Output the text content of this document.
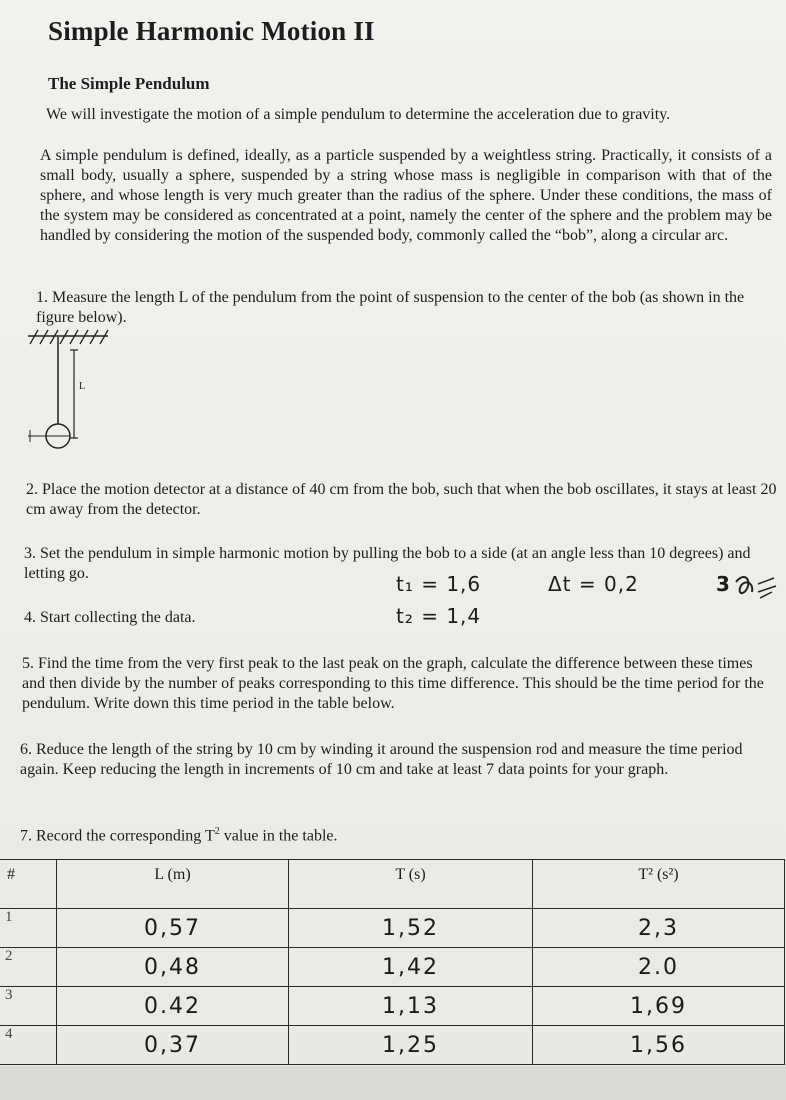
Simple Harmonic Motion II
The Simple Pendulum
We will investigate the motion of a simple pendulum to determine the acceleration due to gravity.
A simple pendulum is defined, ideally, as a particle suspended by a weightless string. Practically, it consists of a small body, usually a sphere, suspended by a string whose mass is negligible in comparison with that of the sphere, and whose length is very much greater than the radius of the sphere. Under these conditions, the mass of the system may be considered as concentrated at a point, namely the center of the sphere and the problem may be handled by considering the motion of the suspended body, commonly called the “bob”, along a circular arc.
1. Measure the length L of the pendulum from the point of suspension to the center of the bob (as shown in the figure below).
L
2. Place the motion detector at a distance of 40 cm from the bob, such that when the bob oscillates, it stays at least 20 cm away from the detector.
3. Set the pendulum in simple harmonic motion by pulling the bob to a side (at an angle less than 10 degrees) and letting go.
4. Start collecting the data.
t₁ = 1,6
t₂ = 1,4
Δt = 0,2	3
5. Find the time from the very first peak to the last peak on the graph, calculate the difference between these times and then divide by the number of peaks corresponding to this time difference. This should be the time period for the pendulum. Write down this time period in the table below.
6. Reduce the length of the string by 10 cm by winding it around the suspension rod and measure the time period again. Keep reducing the length in increments of 10 cm and take at least 7 data points for your graph.
7. Record the corresponding $T^2$ value in the table.
#	L (m)	T (s)	T² (s²)
1	0,57	1,52	2,3
2	0,48	1,42	2.0
3	0.42	1,13	1,69
4	0,37	1,25	1,56
